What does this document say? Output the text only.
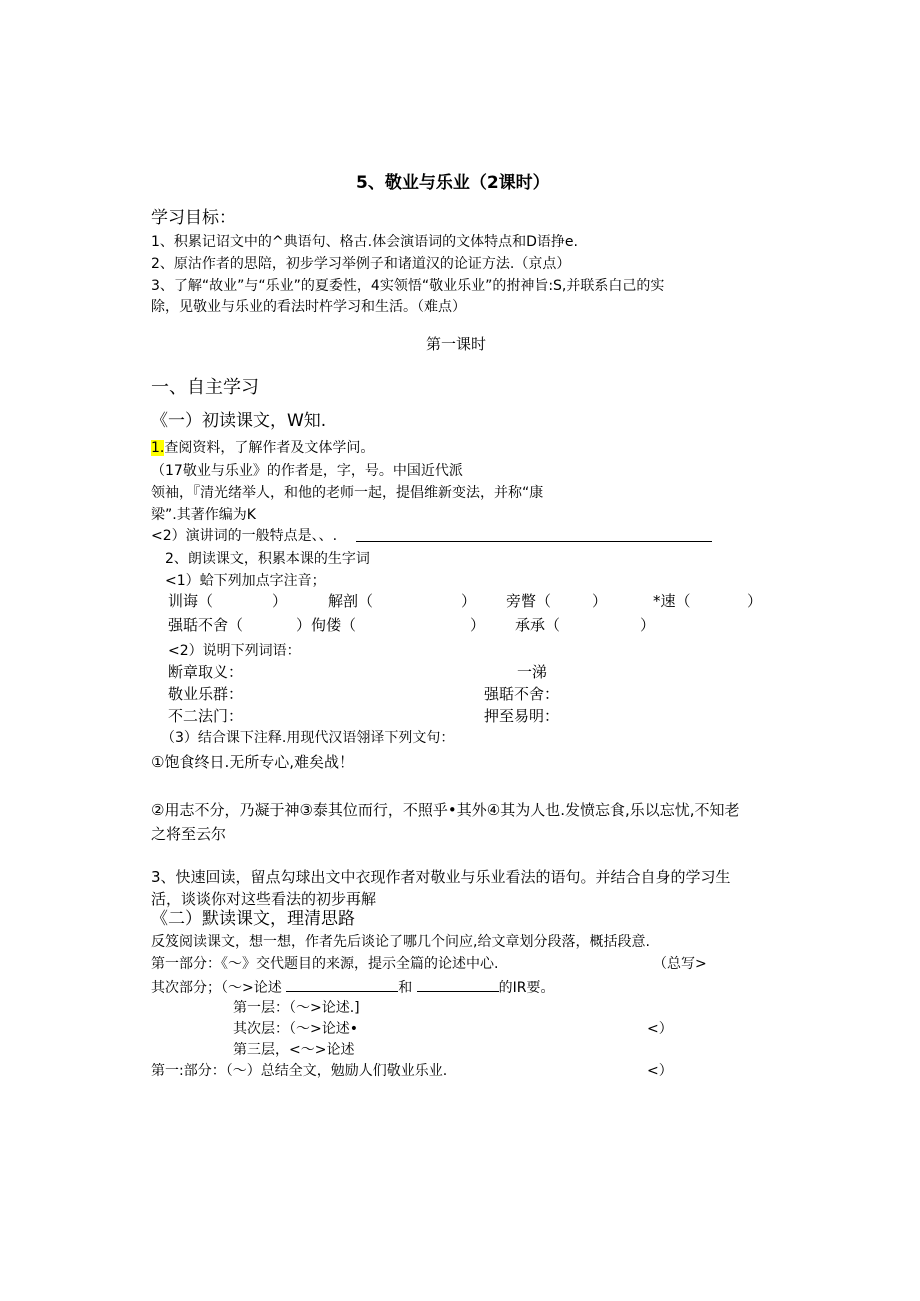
5、敬业与乐业（2课时）
学习目标：
1、积累记诏文中的^典语句、格古.体会演语词的文体特点和D语挣e.
2、原沽作者的思陪，初步学习举例子和诸道汉的论证方法.（京点）
3、了解“故业”与“乐业”的夏委性，4实领悟“敬业乐业”的拊神旨:S,并联系白己的实
除，见敬业与乐业的看法时杵学习和生活。（难点）
第一课时
一、自主学习
《一）初读课文，W知.
1.查阅资料，了解作者及文体学问。
（17敬业与乐业》的作者是，字，号。中国近代派
领袖，『清光绪举人，和他的老师一起，提倡维新变法，并称“康
梁”.其著作编为K
<2）演讲词的一般特点是、、.
2、朗读课文，积累本课的生字词
<1）蛤下列加点字注音；
训诲（	）	解剖（	） 旁瞥（	）	*速（	）
强聒不舍（	）佝偻（	） 承承（	）
<2）说明下列词语：
断章取义：	一涕
敬业乐群：	强聒不舍：
不二法门：	押至易明：
（3）结合课下注释.用现代汉语翎译下列文句：
①饱食终日.无所专心,难矣战！
②用志不分，乃凝于神③泰其位而行，不照乎•其外④其为人也.发愤忘食,乐以忘忧,不知老
之将至云尔
3、快速回读，留点勾球出文中衣现作者对敬业与乐业看法的语句。并结合自身的学习生
活，谈谈你对这些看法的初步再解
《二）默读课文，理清思路
反笈阅读课文，想一想，作者先后谈论了哪几个问应,给文章划分段落，概括段意.
第一部分：《〜》交代题目的来源，提示全篇的论述中心.	（总写>
其次部分；（〜>论述	和	的IR要。
第一层：（〜>论述.]
其次层：（〜>论述•	<）
第三层，<〜>论述
第一:部分：（〜）总结全文，勉励人们敬业乐业.	<）
